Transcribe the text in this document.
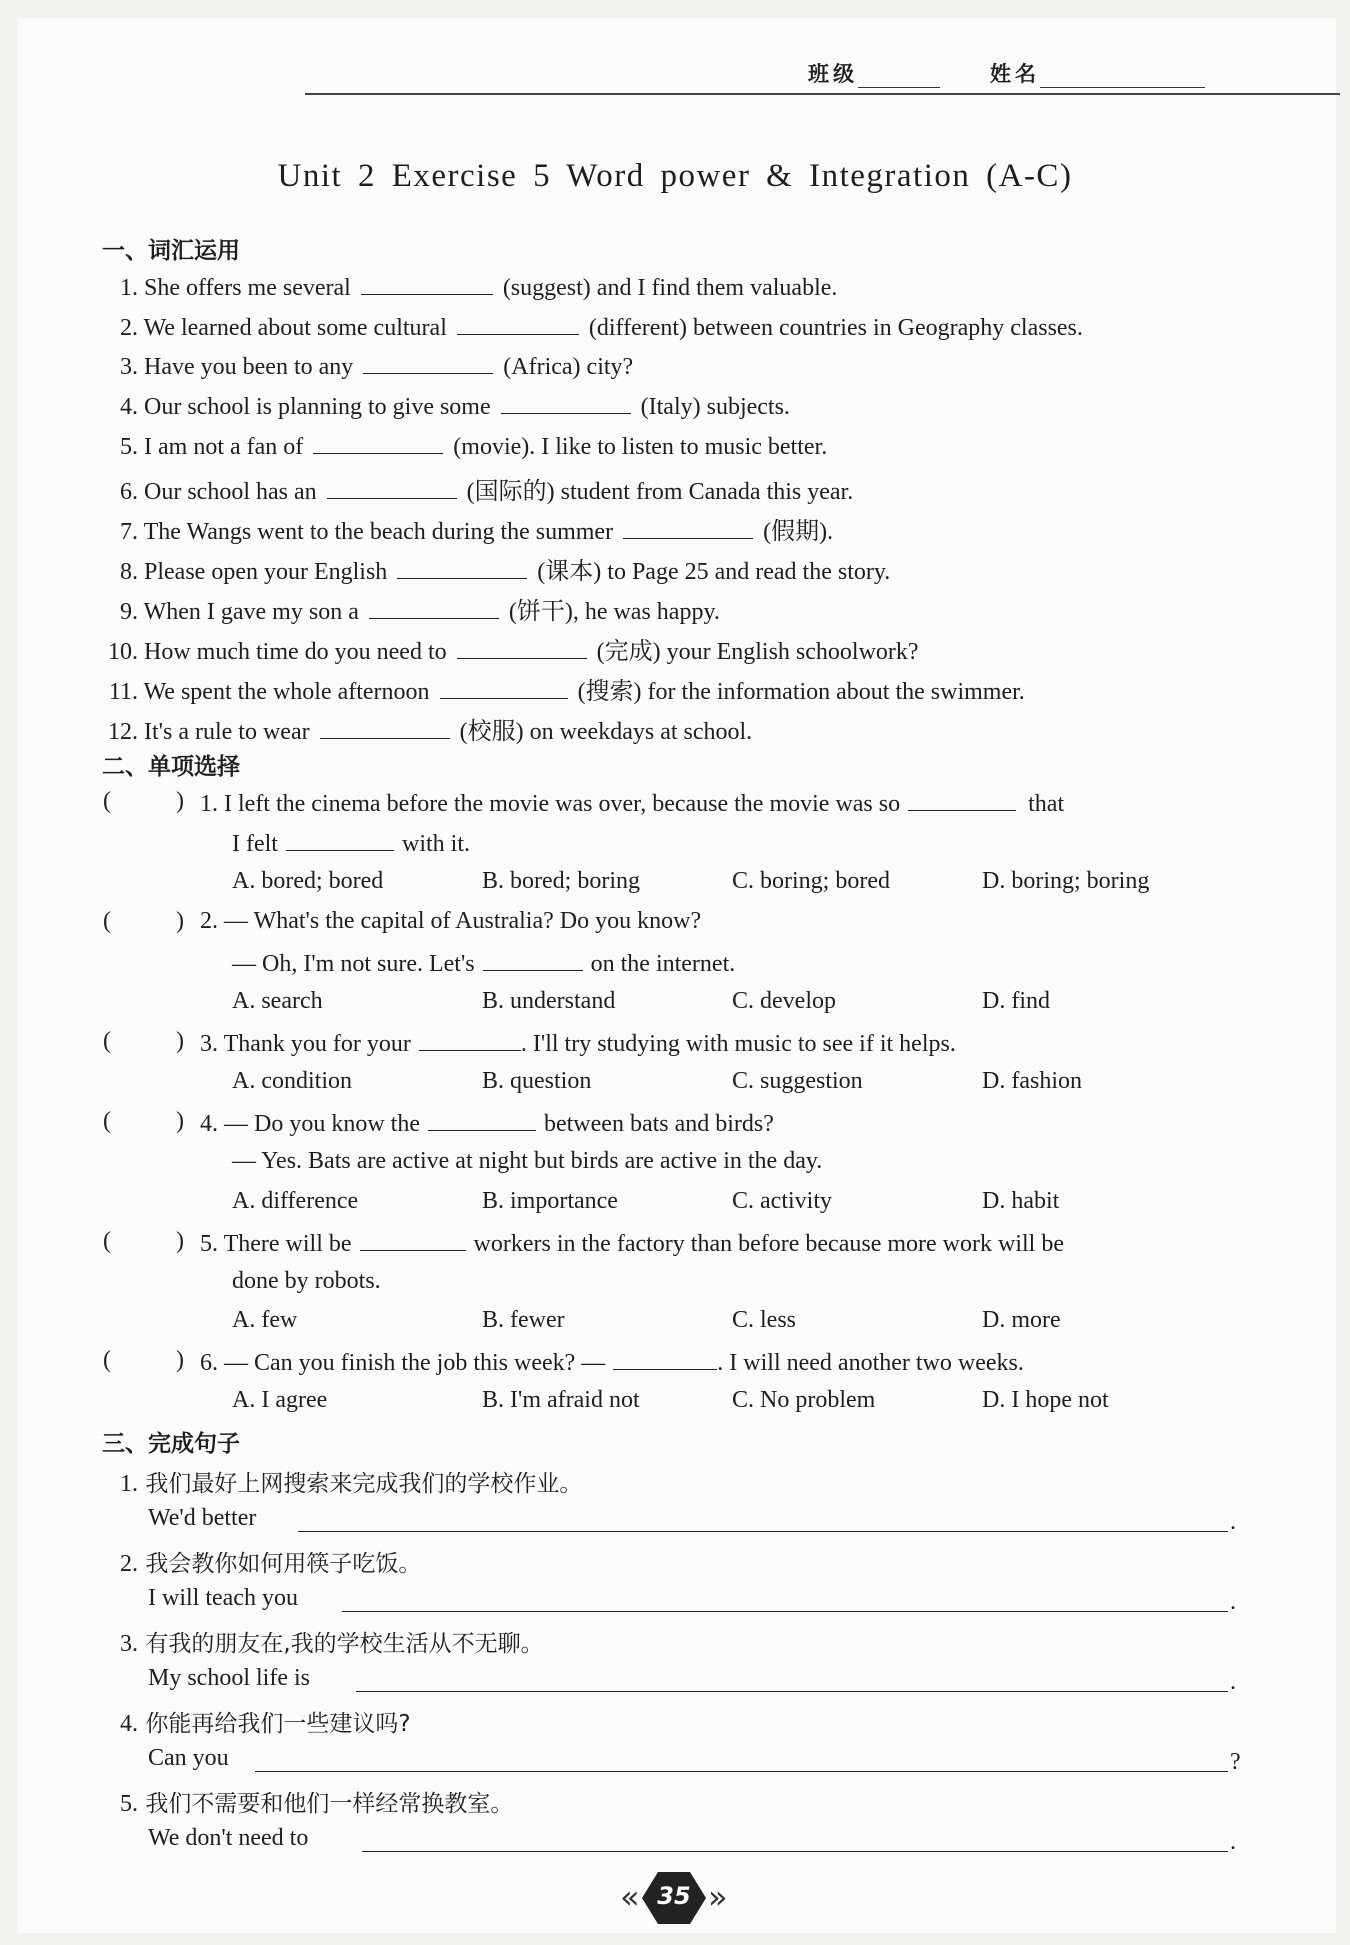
班级	姓名
Unit 2 Exercise 5 Word power & Integration (A-C)
一、词汇运用
1. She offers me several	(suggest) and I find them valuable.
2. We learned about some cultural	(different) between countries in Geography classes.
3. Have you been to any	(Africa) city?
4. Our school is planning to give some	(Italy) subjects.
5. I am not a fan of	(movie). I like to listen to music better.
6. Our school has an	(国际的) student from Canada this year.
7. The Wangs went to the beach during the summer	(假期).
8. Please open your English	(课本) to Page 25 and read the story.
9. When I gave my son a	(饼干), he was happy.
10. How much time do you need to	(完成) your English schoolwork?
11. We spent the whole afternoon	(搜索) for the information about the swimmer.
12. It's a rule to wear	(校服) on weekdays at school.
二、单项选择
(	) 1. I left the cinema before the movie was over, because the movie was so	that
I felt	with it.
A. bored; bored	B. bored; boring	C. boring; bored	D. boring; boring
(	) 2. — What's the capital of Australia? Do you know?
— Oh, I'm not sure. Let's	on the internet.
A. search	B. understand	C. develop	D. find
(	) 3. Thank you for your	. I'll try studying with music to see if it helps.
A. condition	B. question	C. suggestion	D. fashion
(	) 4. — Do you know the	between bats and birds?
— Yes. Bats are active at night but birds are active in the day.
A. difference	B. importance	C. activity	D. habit
(	) 5. There will be	workers in the factory than before because more work will be
done by robots.
A. few	B. fewer	C. less	D. more
(	) 6. — Can you finish the job this week? —	. I will need another two weeks.
A. I agree	B. I'm afraid not	C. No problem	D. I hope not
三、完成句子
1. 我们最好上网搜索来完成我们的学校作业。
We'd better	.
2. 我会教你如何用筷子吃饭。
I will teach you	.
3. 有我的朋友在,我的学校生活从不无聊。
My school life is	.
4. 你能再给我们一些建议吗?
Can you	?
5. 我们不需要和他们一样经常换教室。
We don't need to	.
« 35 »
